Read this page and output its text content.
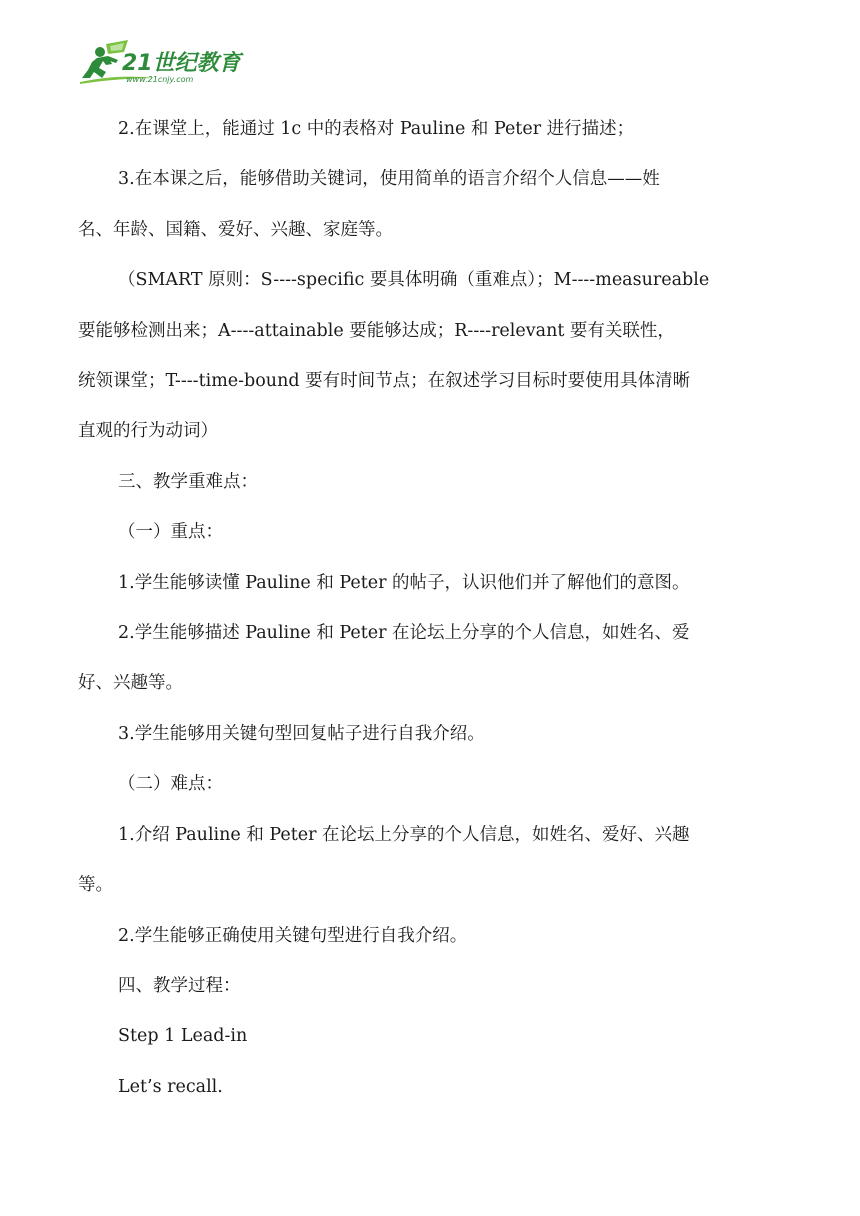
21世纪教育
www.21cnjy.com

2.在课堂上，能通过 1c 中的表格对 Pauline 和 Peter 进行描述；

3.在本课之后，能够借助关键词，使用简单的语言介绍个人信息——姓

名、年龄、国籍、爱好、兴趣、家庭等。

（SMART 原则：S----specific 要具体明确（重难点）；M----measureable

要能够检测出来；A----attainable 要能够达成；R----relevant 要有关联性，

统领课堂；T----time-bound 要有时间节点；在叙述学习目标时要使用具体清晰

直观的行为动词）

三、教学重难点：

（一）重点：

1.学生能够读懂 Pauline 和 Peter 的帖子，认识他们并了解他们的意图。

2.学生能够描述 Pauline 和 Peter 在论坛上分享的个人信息，如姓名、爱

好、兴趣等。

3.学生能够用关键句型回复帖子进行自我介绍。

（二）难点：

1.介绍 Pauline 和 Peter 在论坛上分享的个人信息，如姓名、爱好、兴趣

等。

2.学生能够正确使用关键句型进行自我介绍。

四、教学过程：

Step 1 Lead-in

Let’s recall.
